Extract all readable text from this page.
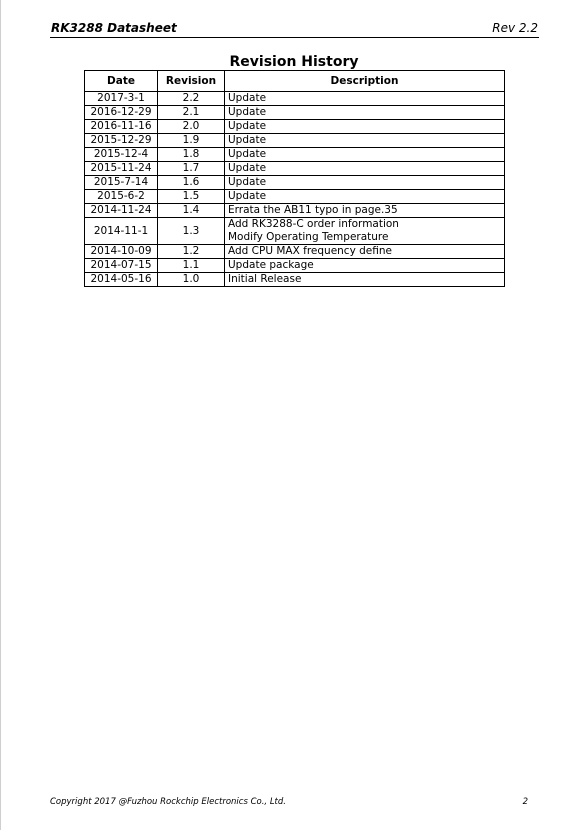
RK3288 Datasheet	Rev 2.2
Revision History
Date	Revision	Description
2017-3-1	2.2	Update

2016-12-29	2.1	Update

2016-11-16	2.0	Update

2015-12-29	1.9	Update

2015-12-4	1.8	Update

2015-11-24	1.7	Update

2015-7-14	1.6	Update

2015-6-2	1.5	Update

2014-11-24	1.4	Errata the AB11 typo in page.35

2014-11-1	1.3	Add RK3288-C order information
Modify Operating Temperature

2014-10-09	1.2	Add CPU MAX frequency define

2014-07-15	1.1	Update package

2014-05-16	1.0	Initial Release
Copyright 2017 @Fuzhou Rockchip Electronics Co., Ltd.	2
